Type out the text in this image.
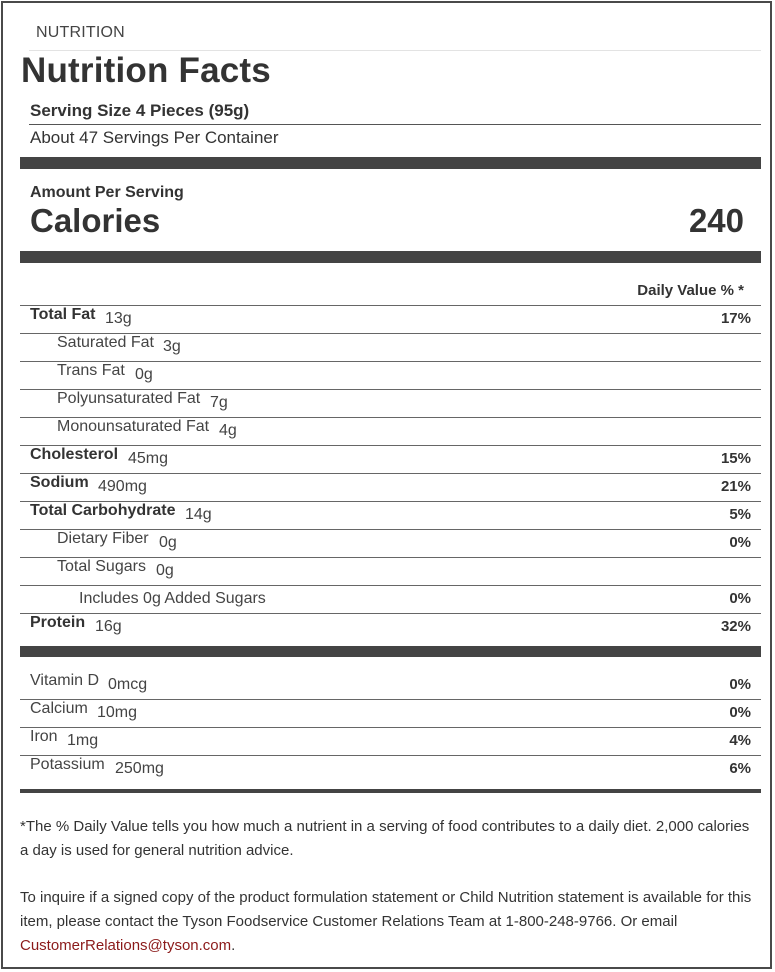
NUTRITION
Nutrition Facts
Serving Size 4 Pieces (95g)
About 47 Servings Per Container
Amount Per Serving
Calories	240
Daily Value % *
Total Fat 13g	17%
Saturated Fat 3g
Trans Fat 0g
Polyunsaturated Fat 7g
Monounsaturated Fat 4g
Cholesterol 45mg	15%
Sodium 490mg	21%
Total Carbohydrate 14g	5%
Dietary Fiber 0g	0%
Total Sugars 0g
Includes 0g Added Sugars	0%
Protein 16g	32%
Vitamin D 0mcg	0%
Calcium 10mg	0%
Iron 1mg	4%
Potassium 250mg	6%
*The % Daily Value tells you how much a nutrient in a serving of food contributes to a daily diet. 2,000 calories a day is used for general nutrition advice.
To inquire if a signed copy of the product formulation statement or Child Nutrition statement is available for this item, please contact the Tyson Foodservice Customer Relations Team at 1-800-248-9766. Or email CustomerRelations@tyson.com.
